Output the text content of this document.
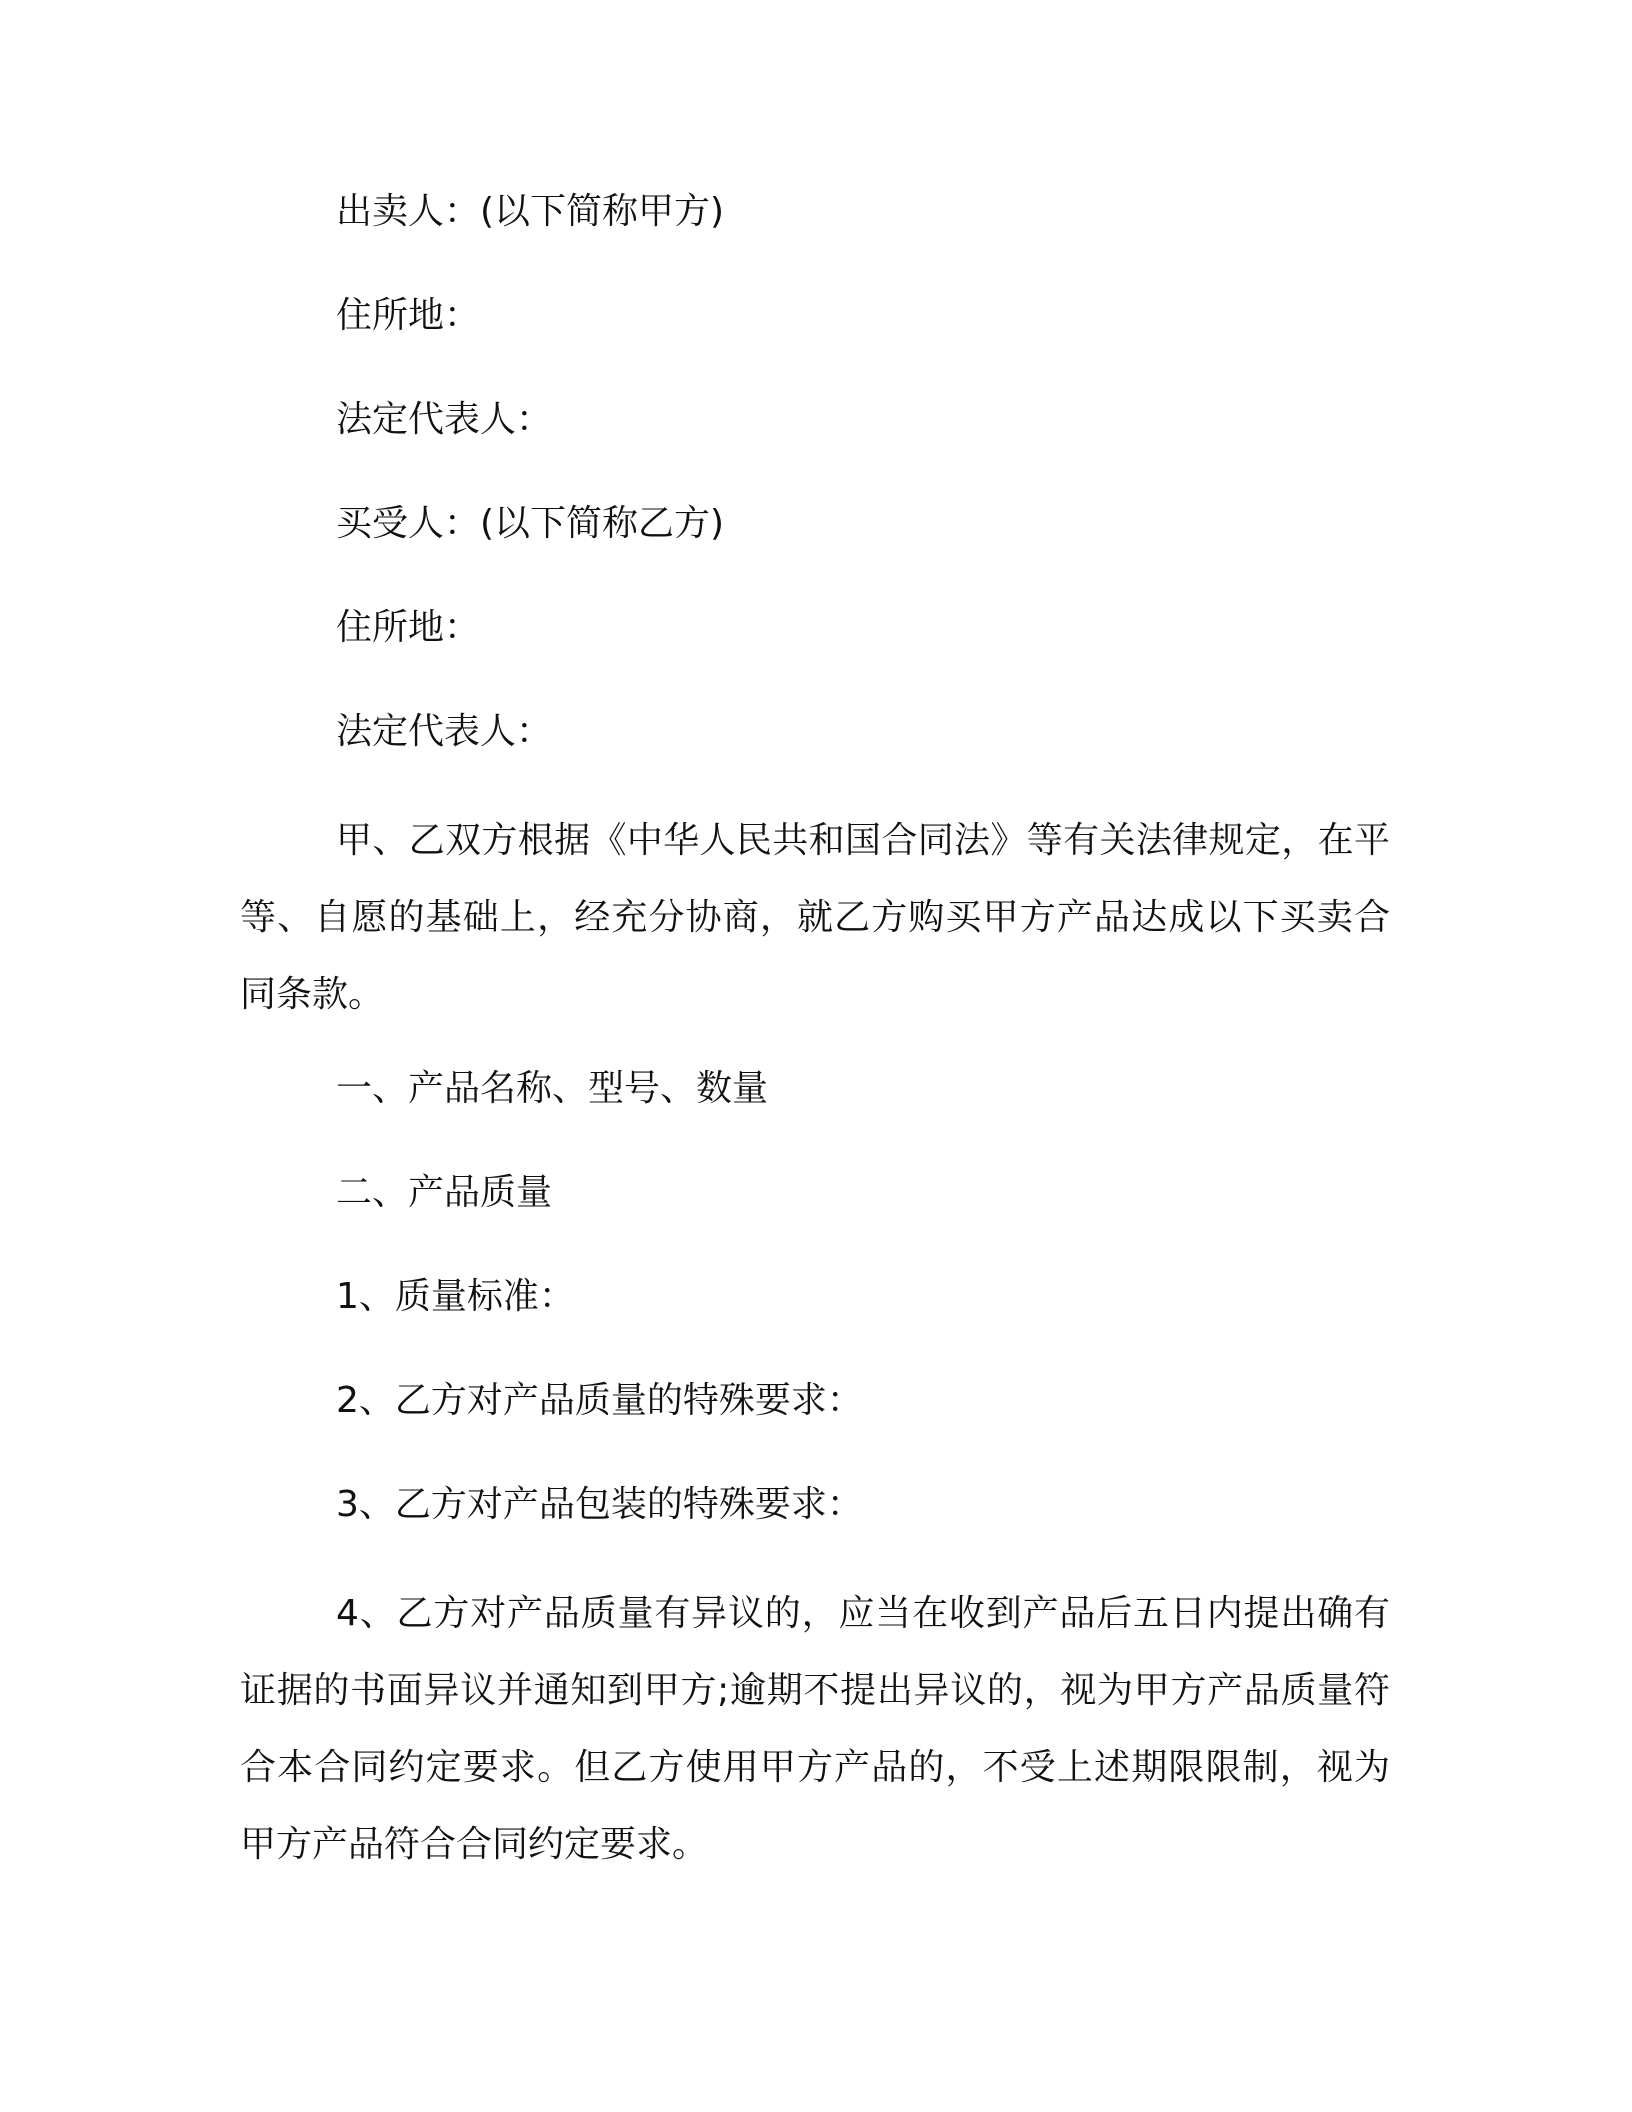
出卖人：(以下简称甲方)
住所地：
法定代表人：
买受人：(以下简称乙方)
住所地：
法定代表人：

甲、乙双方根据《中华人民共和国合同法》等有关法律规定，在平等、自愿的基础上，经充分协商，就乙方购买甲方产品达成以下买卖合同条款。

一、产品名称、型号、数量
二、产品质量
1、质量标准：
2、乙方对产品质量的特殊要求：
3、乙方对产品包装的特殊要求：

4、乙方对产品质量有异议的，应当在收到产品后五日内提出确有证据的书面异议并通知到甲方;逾期不提出异议的，视为甲方产品质量符合本合同约定要求。但乙方使用甲方产品的，不受上述期限限制，视为甲方产品符合合同约定要求。
